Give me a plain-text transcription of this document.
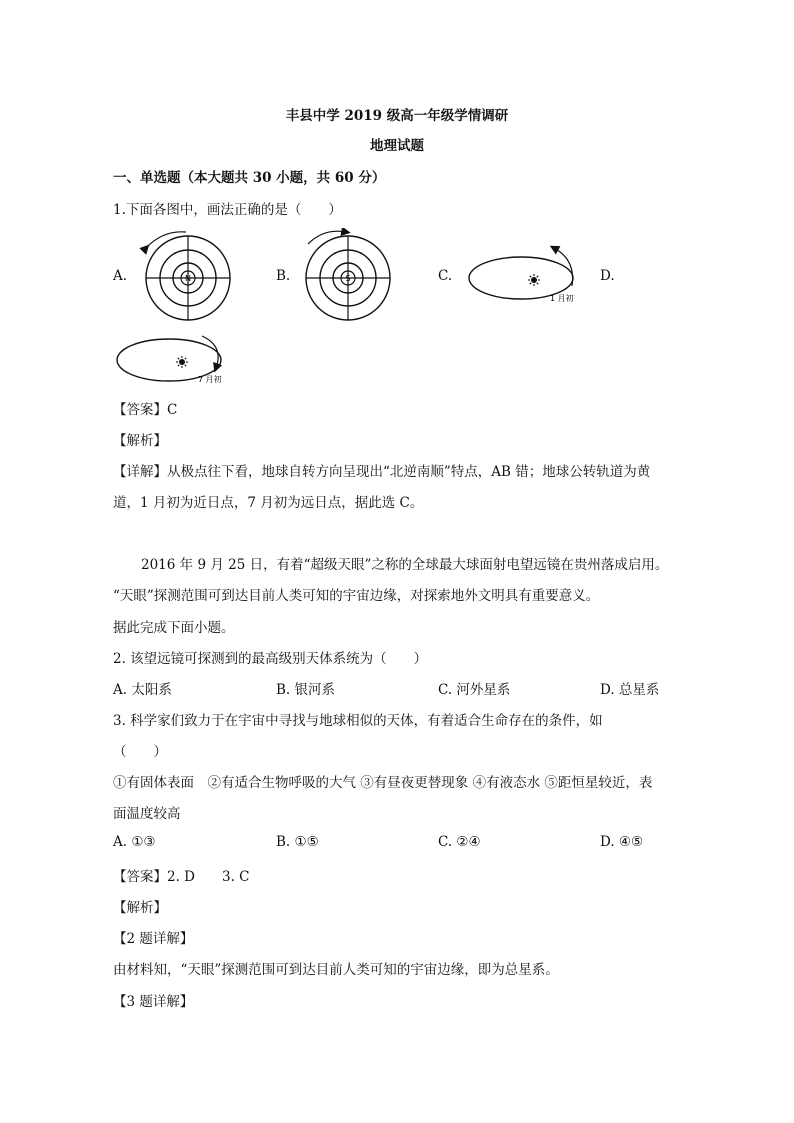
丰县中学 2019 级高一年级学情调研
地理试题
一、单选题（本大题共 30 小题，共 60 分）
1.下面各图中，画法正确的是（　　）
A.	B.	C.	D.
N	S
1 月初
7 月初
【答案】C
【解析】
【详解】从极点往下看，地球自转方向呈现出“北逆南顺”特点，AB 错；地球公转轨道为黄
道，1 月初为近日点，7 月初为远日点，据此选 C。
2016 年 9 月 25 日，有着“超级天眼”之称的全球最大球面射电望远镜在贵州落成启用。
“天眼”探测范围可到达目前人类可知的宇宙边缘，对探索地外文明具有重要意义。
据此完成下面小题。
2. 该望远镜可探测到的最高级别天体系统为（　　）
A. 太阳系	B. 银河系	C. 河外星系	D. 总星系
3. 科学家们致力于在宇宙中寻找与地球相似的天体，有着适合生命存在的条件，如
（　　）
①有固体表面　②有适合生物呼吸的大气 ③有昼夜更替现象 ④有液态水 ⑤距恒星较近，表
面温度较高
A. ①③	B. ①⑤	C. ②④	D. ④⑤
【答案】2. D　　3. C
【解析】
【2 题详解】
由材料知，“天眼”探测范围可到达目前人类可知的宇宙边缘，即为总星系。
【3 题详解】
